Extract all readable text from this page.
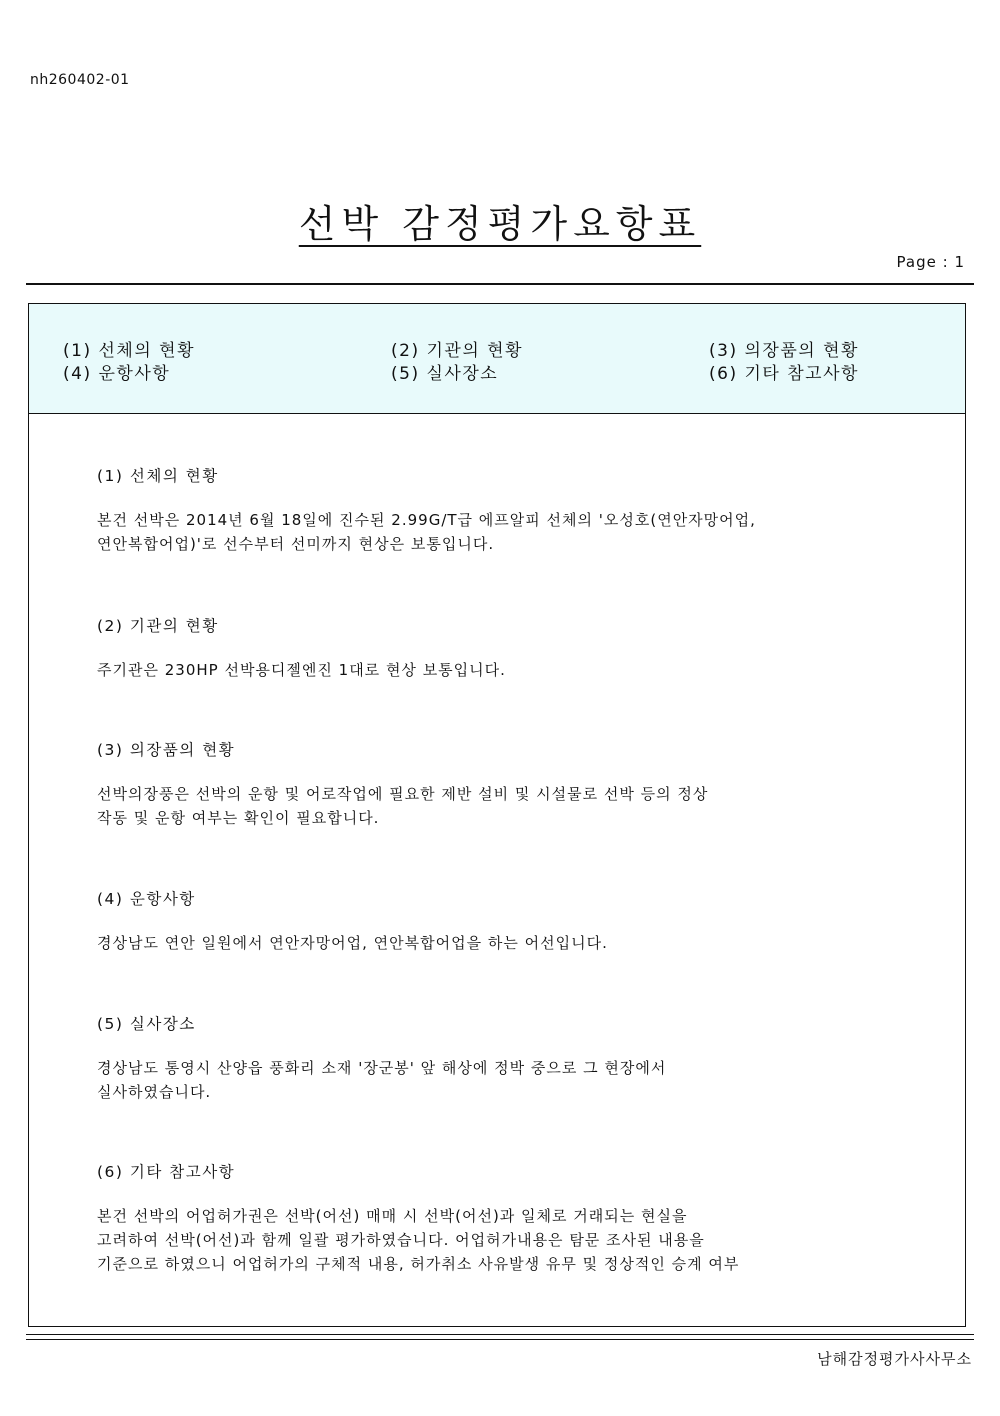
nh260402-01
선박 감정평가요항표
Page : 1
(1) 선체의 현황	(2) 기관의 현황	(3) 의장품의 현황
(4) 운항사항	(5) 실사장소	(6) 기타 참고사항
(1) 선체의 현황
본건 선박은 2014년 6월 18일에 진수된 2.99G/T급 에프알피 선체의 '오성호(연안자망어업,
연안복합어업)'로 선수부터 선미까지 현상은 보통입니다.
(2) 기관의 현황
주기관은 230HP 선박용디젤엔진 1대로 현상 보통입니다.
(3) 의장품의 현황
선박의장풍은 선박의 운항 및 어로작업에 필요한 제반 설비 및 시설물로 선박 등의 정상
작동 및 운항 여부는 확인이 필요합니다.
(4) 운항사항
경상남도 연안 일원에서 연안자망어업, 연안복합어업을 하는 어선입니다.
(5) 실사장소
경상남도 통영시 산양읍 풍화리 소재 '장군봉' 앞 해상에 정박 중으로 그 현장에서
실사하였습니다.
(6) 기타 참고사항
본건 선박의 어업허가권은 선박(어선) 매매 시 선박(어선)과 일체로 거래되는 현실을
고려하여 선박(어선)과 함께 일괄 평가하였습니다. 어업허가내용은 탐문 조사된 내용을
기준으로 하였으니 어업허가의 구체적 내용, 허가취소 사유발생 유무 및 정상적인 승계 여부
남해감정평가사사무소
